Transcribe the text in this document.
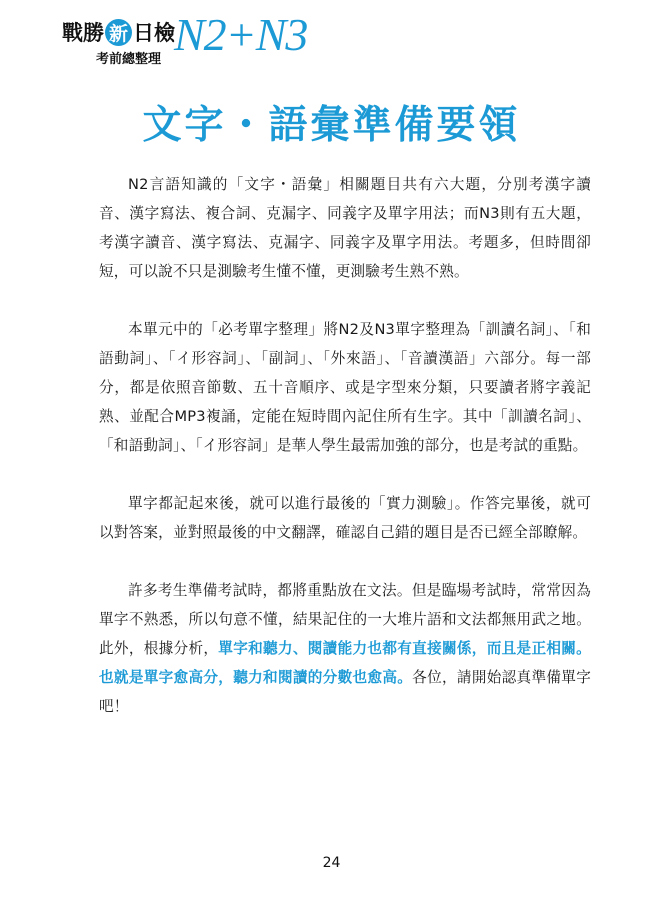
戰勝 新 日檢
考前總整理 N2+N3
文字・語彙準備要領

N2言語知識的「文字・語彙」相關題目共有六大題，分別考漢字讀音、漢字寫法、複合詞、克漏字、同義字及單字用法；而N3則有五大題，考漢字讀音、漢字寫法、克漏字、同義字及單字用法。考題多，但時間卻短，可以說不只是測驗考生懂不懂，更測驗考生熟不熟。

本單元中的「必考單字整理」將N2及N3單字整理為「訓讀名詞」、「和語動詞」、「イ形容詞」、「副詞」、「外來語」、「音讀漢語」六部分。每一部分，都是依照音節數、五十音順序、或是字型來分類，只要讀者將字義記熟、並配合MP3複誦，定能在短時間內記住所有生字。其中「訓讀名詞」、「和語動詞」、「イ形容詞」是華人學生最需加強的部分，也是考試的重點。

單字都記起來後，就可以進行最後的「實力測驗」。作答完畢後，就可以對答案，並對照最後的中文翻譯，確認自己錯的題目是否已經全部瞭解。

許多考生準備考試時，都將重點放在文法。但是臨場考試時，常常因為單字不熟悉，所以句意不懂，結果記住的一大堆片語和文法都無用武之地。此外，根據分析，單字和聽力、閱讀能力也都有直接關係，而且是正相關。也就是單字愈高分，聽力和閱讀的分數也愈高。各位，請開始認真準備單字吧！

24
